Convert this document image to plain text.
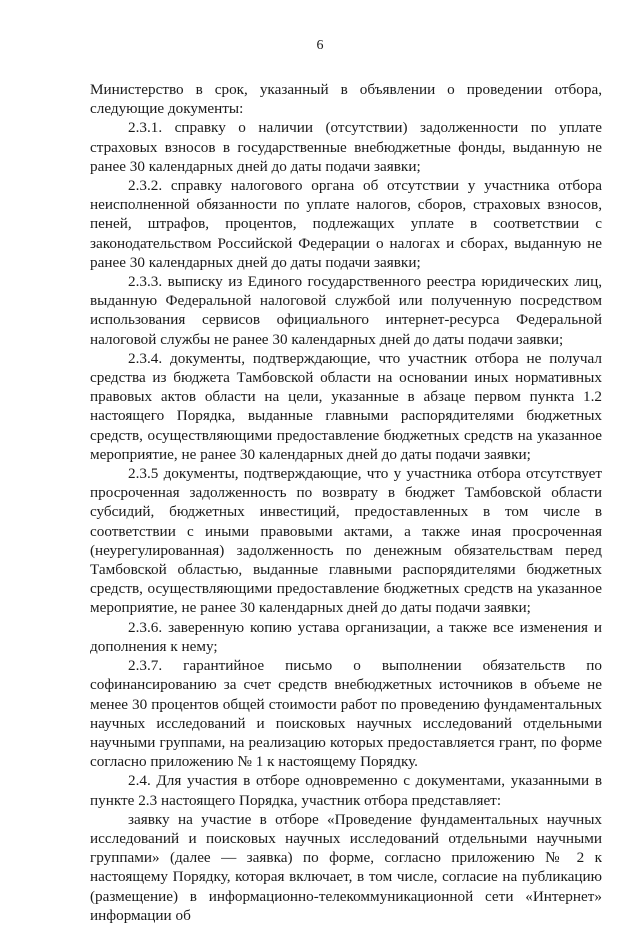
6

Министерство в срок, указанный в объявлении о проведении отбора, следующие документы:

2.3.1. справку о наличии (отсутствии) задолженности по уплате страховых взносов в государственные внебюджетные фонды, выданную не ранее 30 календарных дней до даты подачи заявки;

2.3.2. справку налогового органа об отсутствии у участника отбора неисполненной обязанности по уплате налогов, сборов, страховых взносов, пеней, штрафов, процентов, подлежащих уплате в соответствии с законодательством Российской Федерации о налогах и сборах, выданную не ранее 30 календарных дней до даты подачи заявки;

2.3.3. выписку из Единого государственного реестра юридических лиц, выданную Федеральной налоговой службой или полученную посредством использования сервисов официального интернет-ресурса Федеральной налоговой службы не ранее 30 календарных дней до даты подачи заявки;

2.3.4. документы, подтверждающие, что участник отбора не получал средства из бюджета Тамбовской области на основании иных нормативных правовых актов области на цели, указанные в абзаце первом пункта 1.2 настоящего Порядка, выданные главными распорядителями бюджетных средств, осуществляющими предоставление бюджетных средств на указанное мероприятие, не ранее 30 календарных дней до даты подачи заявки;

2.3.5 документы, подтверждающие, что у участника отбора отсутствует просроченная задолженность по возврату в бюджет Тамбовской области субсидий, бюджетных инвестиций, предоставленных в том числе в соответствии с иными правовыми актами, а также иная просроченная (неурегулированная) задолженность по денежным обязательствам перед Тамбовской областью, выданные главными распорядителями бюджетных средств, осуществляющими предоставление бюджетных средств на указанное мероприятие, не ранее 30 календарных дней до даты подачи заявки;

2.3.6. заверенную копию устава организации, а также все изменения и дополнения к нему;

2.3.7. гарантийное письмо о выполнении обязательств по софинансированию за счет средств внебюджетных источников в объеме не менее 30 процентов общей стоимости работ по проведению фундаментальных научных исследований и поисковых научных исследований отдельными научными группами, на реализацию которых предоставляется грант, по форме согласно приложению № 1 к настоящему Порядку.

2.4. Для участия в отборе одновременно с документами, указанными в пункте 2.3 настоящего Порядка, участник отбора представляет:

заявку на участие в отборе «Проведение фундаментальных научных исследований и поисковых научных исследований отдельными научными группами» (далее — заявка) по форме, согласно приложению № 2 к настоящему Порядку, которая включает, в том числе, согласие на публикацию (размещение) в информационно-телекоммуникационной сети «Интернет» информации об
